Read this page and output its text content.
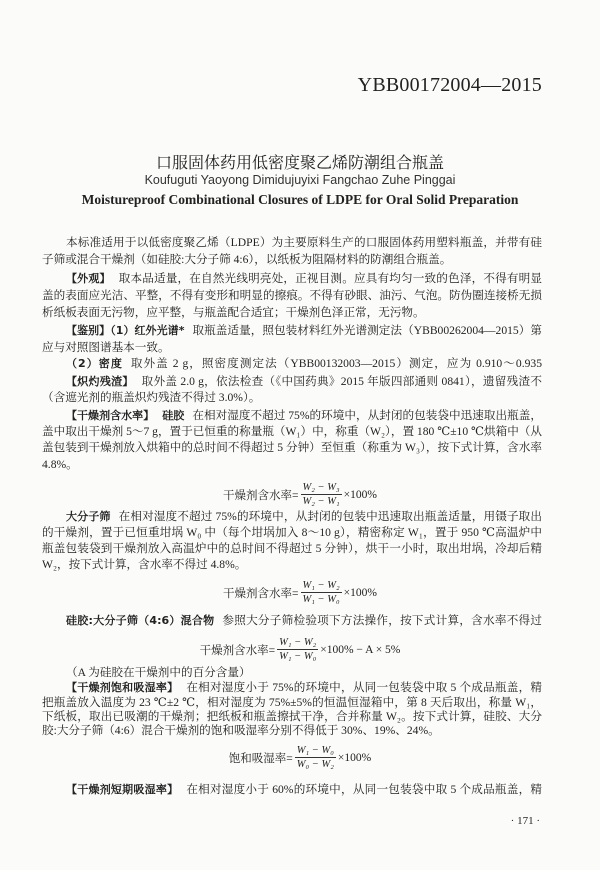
YBB00172004—2015
口服固体药用低密度聚乙烯防潮组合瓶盖
Koufuguti Yaoyong Dimidujuyixi Fangchao Zuhe Pinggai
Moistureproof Combinational Closures of LDPE for Oral Solid Preparation
本标准适用于以低密度聚乙烯（LDPE）为主要原料生产的口服固体药用塑料瓶盖，并带有硅
子筛或混合干燥剂（如硅胶:大分子筛 4:6），以纸板为阻隔材料的防潮组合瓶盖。
【外观】 取本品适量，在自然光线明亮处，正视目测。应具有均匀一致的色泽，不得有明显
盖的表面应光洁、平整，不得有变形和明显的擦痕。不得有砂眼、油污、气泡。防伪圈连接桥无损
析纸板表面无污物，应平整，与瓶盖配合适宜；干燥剂色泽正常，无污物。
【鉴别】（1）红外光谱* 取瓶盖适量，照包装材料红外光谱测定法（YBB00262004—2015）第
应与对照图谱基本一致。
（2）密度 取外盖 2 g，照密度测定法（YBB00132003—2015）测定，应为 0.910～0.935
【炽灼残渣】 取外盖 2.0 g，依法检查（《中国药典》2015 年版四部通则 0841），遗留残渣不
（含遮光剂的瓶盖炽灼残渣不得过 3.0%）。
【干燥剂含水率】 硅胶 在相对湿度不超过 75%的环境中，从封闭的包装袋中迅速取出瓶盖，
盖中取出干燥剂 5～7 g，置于已恒重的称量瓶（W₁）中，称重（W₂），置 180 ℃±10 ℃烘箱中（从
盖包装到干燥剂放入烘箱中的总时间不得超过 5 分钟）至恒重（称重为 W₃），按下式计算，含水率
4.8%。
干燥剂含水率= $\frac{\text{W₂ − W₃}}{\text{W₂ − W₁}} \times 100\%$
大分子筛 在相对湿度不超过 75%的环境中，从封闭的包装中迅速取出瓶盖适量，用镊子取出
的干燥剂，置于已恒重坩埚 W₀ 中（每个坩埚加入 8～10 g），精密称定 W₁，置于 950 ℃高温炉中
瓶盖包装袋到干燥剂放入高温炉中的总时间不得超过 5 分钟），烘干一小时，取出坩埚，冷却后精
W₂，按下式计算，含水率不得过 4.8%。
干燥剂含水率= $\frac{\text{W₁ − W₂}}{\text{W₁ − W₀}} \times 100\%$
硅胶:大分子筛（4:6）混合物 参照大分子筛检验项下方法操作，按下式计算，含水率不得过
干燥剂含水率= $\frac{\text{W₁ − W₂}}{\text{W₁ − W₀}} \times 100\% - A \times 5\%$
（A 为硅胶在干燥剂中的百分含量）
【干燥剂饱和吸湿率】 在相对湿度小于 75%的环境中，从同一包装袋中取 5 个成品瓶盖，精
把瓶盖放入温度为 23 ℃±2 ℃，相对湿度为 75%±5%的恒温恒湿箱中，第 8 天后取出，称量 W₁，
下纸板，取出已吸潮的干燥剂；把纸板和瓶盖擦拭干净，合并称量 W₂。按下式计算，硅胶、大分
胶:大分子筛（4:6）混合干燥剂的饱和吸湿率分别不得低于 30%、19%、24%。
饱和吸湿率= $\frac{\text{W₁ − W₀}}{\text{W₀ − W₂}} \times 100\%$
【干燥剂短期吸湿率】 在相对湿度小于 60%的环境中，从同一包装袋中取 5 个成品瓶盖，精
· 171 ·
